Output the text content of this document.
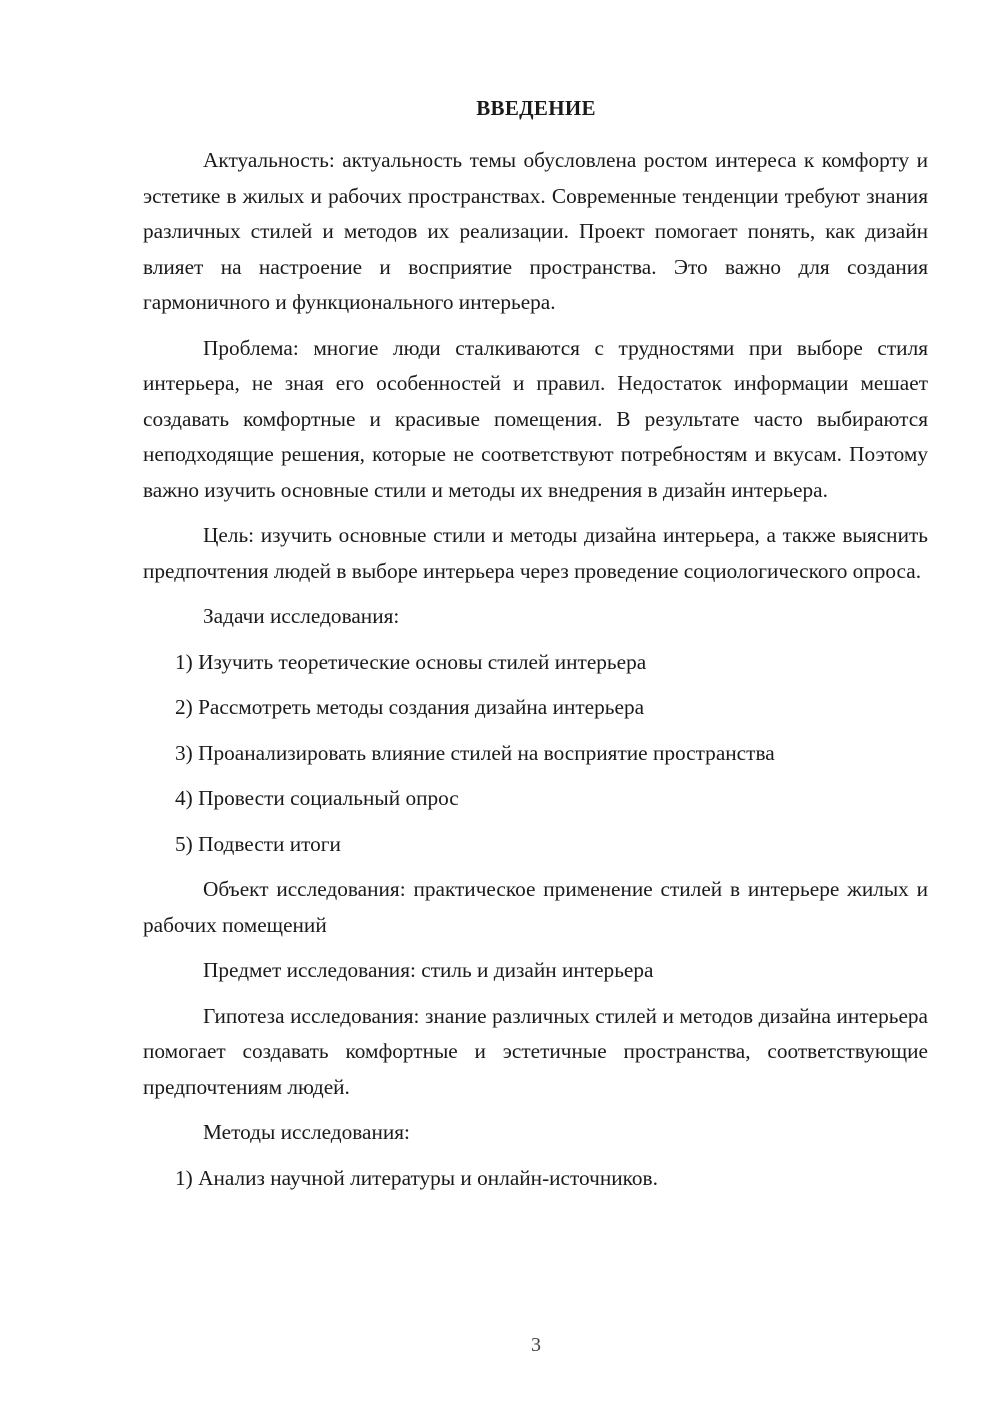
ВВЕДЕНИЕ

Актуальность: актуальность темы обусловлена ростом интереса к комфорту и эстетике в жилых и рабочих пространствах. Современные тенденции требуют знания различных стилей и методов их реализации. Проект помогает понять, как дизайн влияет на настроение и восприятие пространства. Это важно для создания гармоничного и функционального интерьера.

Проблема: многие люди сталкиваются с трудностями при выборе стиля интерьера, не зная его особенностей и правил. Недостаток информации мешает создавать комфортные и красивые помещения. В результате часто выбираются неподходящие решения, которые не соответствуют потребностям и вкусам. Поэтому важно изучить основные стили и методы их внедрения в дизайн интерьера.

Цель: изучить основные стили и методы дизайна интерьера, а также выяснить предпочтения людей в выборе интерьера через проведение социологического опроса.

Задачи исследования:

1) Изучить теоретические основы стилей интерьера

2) Рассмотреть методы создания дизайна интерьера

3) Проанализировать влияние стилей на восприятие пространства

4) Провести социальный опрос

5) Подвести итоги

Объект исследования: практическое применение стилей в интерьере жилых и рабочих помещений

Предмет исследования: стиль и дизайн интерьера

Гипотеза исследования: знание различных стилей и методов дизайна интерьера помогает создавать комфортные и эстетичные пространства, соответствующие предпочтениям людей.

Методы исследования:

1) Анализ научной литературы и онлайн-источников.

3
